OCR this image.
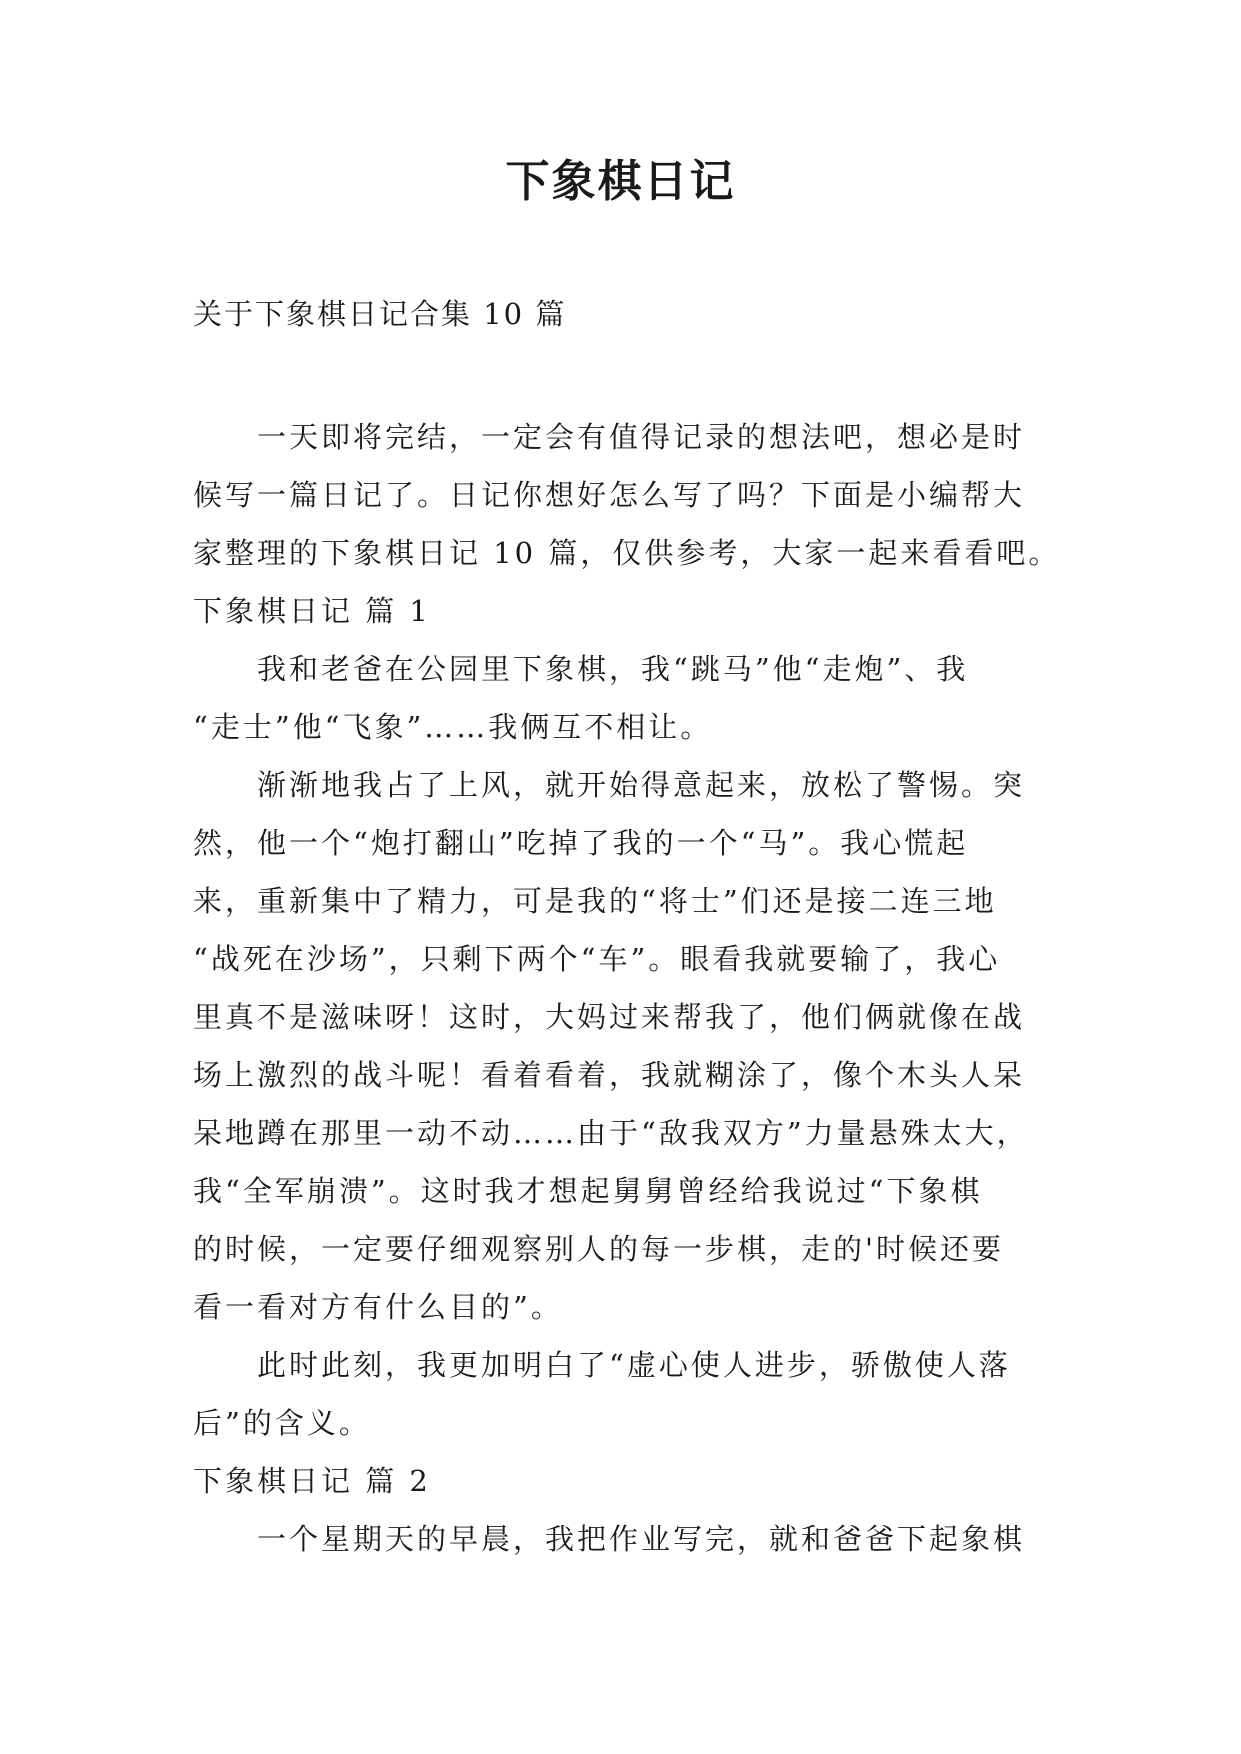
下象棋日记

关于下象棋日记合集 10 篇

一天即将完结，一定会有值得记录的想法吧，想必是时
候写一篇日记了。日记你想好怎么写了吗？下面是小编帮大
家整理的下象棋日记 10 篇，仅供参考，大家一起来看看吧。
下象棋日记 篇 1
我和老爸在公园里下象棋，我“跳马”他“走炮”、我
“走士”他“飞象”……我俩互不相让。
渐渐地我占了上风，就开始得意起来，放松了警惕。突
然，他一个“炮打翻山”吃掉了我的一个“马”。我心慌起
来，重新集中了精力，可是我的“将士”们还是接二连三地
“战死在沙场”，只剩下两个“车”。眼看我就要输了，我心
里真不是滋味呀！这时，大妈过来帮我了，他们俩就像在战
场上激烈的战斗呢！看着看着，我就糊涂了，像个木头人呆
呆地蹲在那里一动不动……由于“敌我双方”力量悬殊太大，
我“全军崩溃”。这时我才想起舅舅曾经给我说过“下象棋
的时候，一定要仔细观察别人的每一步棋，走的'时候还要
看一看对方有什么目的”。
此时此刻，我更加明白了“虚心使人进步，骄傲使人落
后”的含义。
下象棋日记 篇 2
一个星期天的早晨，我把作业写完，就和爸爸下起象棋
